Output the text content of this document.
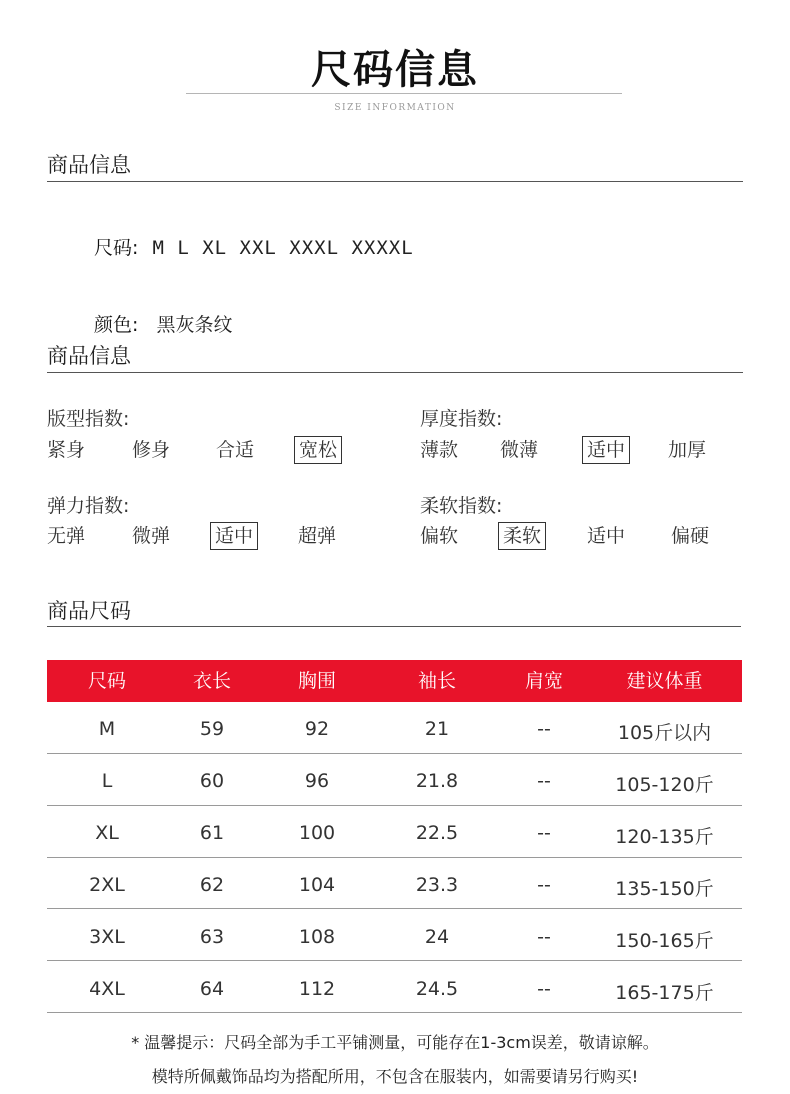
尺码信息
SIZE INFORMATION
商品信息
尺码: M L XL XXL XXXL XXXXL
颜色: 黑灰条纹
商品信息
版型指数:
紧身 修身 合适 宽松
厚度指数:
薄款 微薄	适中 加厚
弹力指数:
无弹 微弹 适中 超弹
柔软指数:
偏软 柔软 适中 偏硬
商品尺码
尺码	衣长	胸围	袖长	肩宽	建议体重
M	59	92	21	--	105斤以内
L	60	96	21.8	--	105-120斤
XL	61	100	22.5	--	120-135斤
2XL	62	104	23.3	--	135-150斤
3XL	63	108	24	--	150-165斤
4XL	64	112	24.5	--	165-175斤
* 温馨提示：尺码全部为手工平铺测量，可能存在1-3cm误差，敬请谅解。
模特所佩戴饰品均为搭配所用，不包含在服装内，如需要请另行购买!
